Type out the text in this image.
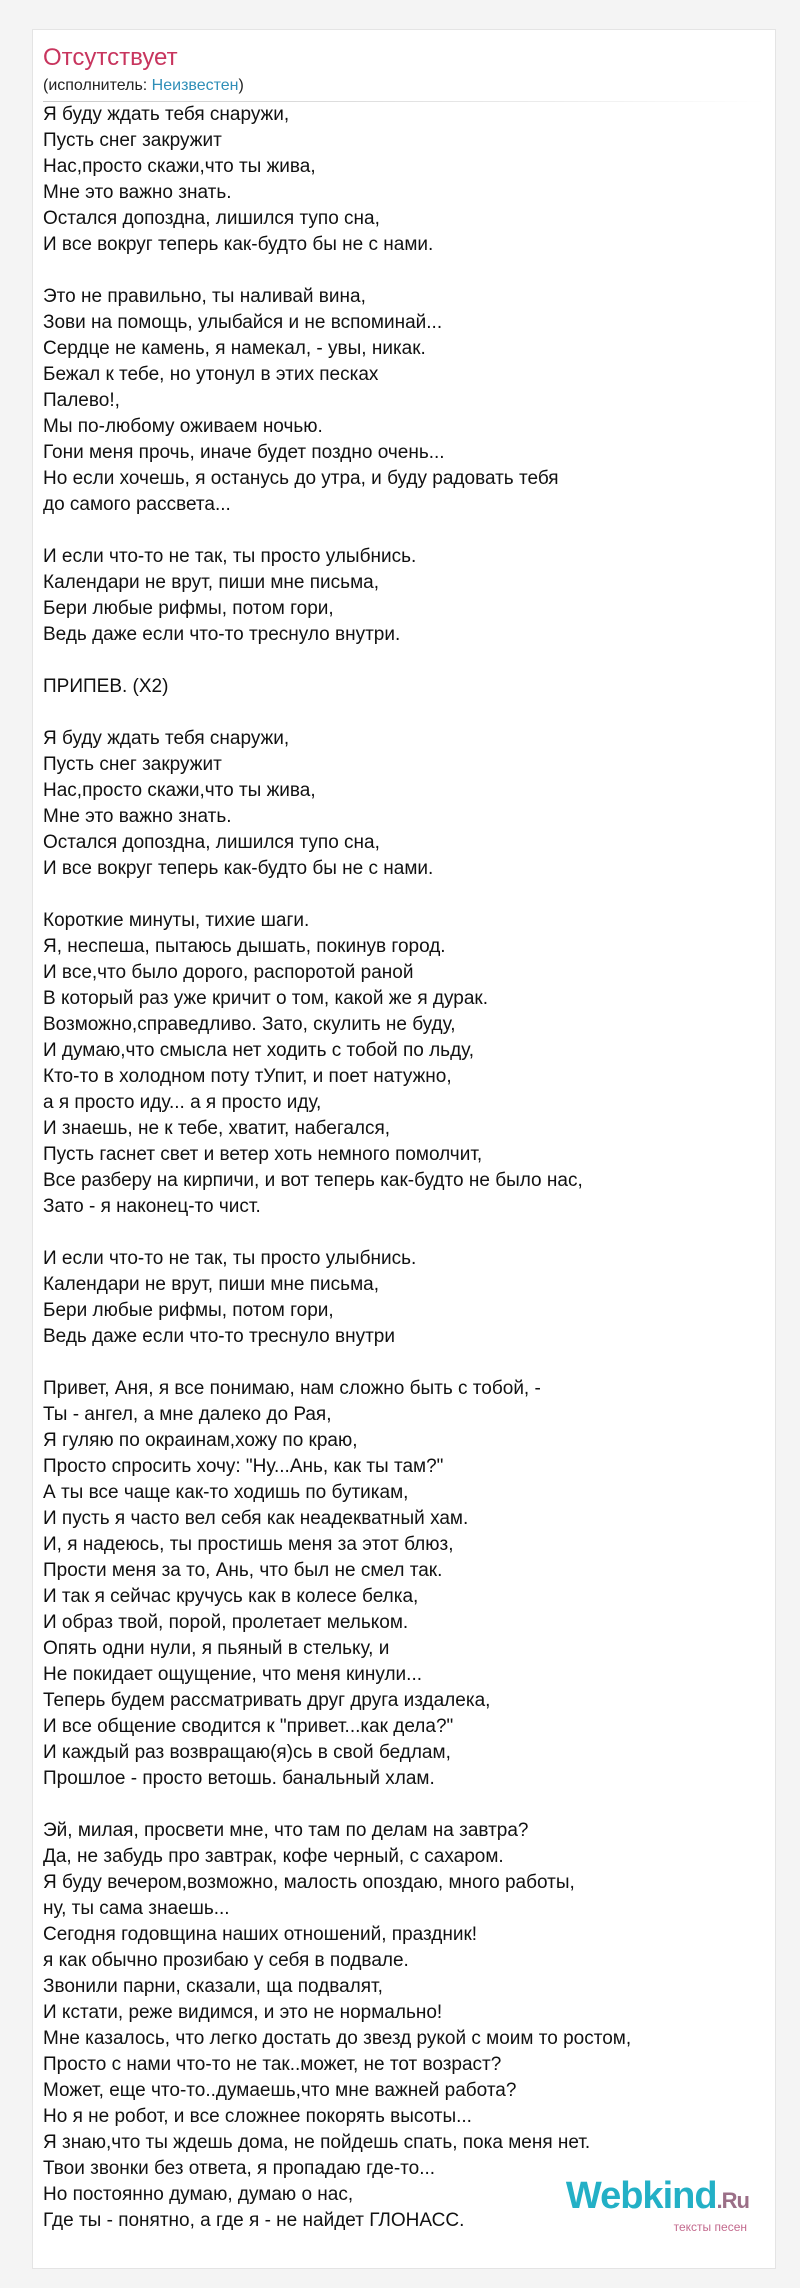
Отсутствует
(исполнитель: Неизвестен)
Я буду ждать тебя снаружи,
Пусть снег закружит
Нас,просто скажи,что ты жива,
Мне это важно знать.
Остался допоздна, лишился тупо сна,
И все вокруг теперь как-будто бы не с нами.
Это не правильно, ты наливай вина,
Зови на помощь, улыбайся и не вспоминай...
Сердце не камень, я намекал, - увы, никак.
Бежал к тебе, но утонул в этих песках
Палево!,
Мы по-любому оживаем ночью.
Гони меня прочь, иначе будет поздно очень...
Но если хочешь, я останусь до утра, и буду радовать тебя
до самого рассвета...
И если что-то не так, ты просто улыбнись.
Календари не врут, пиши мне письма,
Бери любые рифмы, потом гори,
Ведь даже если что-то треснуло внутри.
ПРИПЕВ. (Х2)
Я буду ждать тебя снаружи,
Пусть снег закружит
Нас,просто скажи,что ты жива,
Мне это важно знать.
Остался допоздна, лишился тупо сна,
И все вокруг теперь как-будто бы не с нами.
Короткие минуты, тихие шаги.
Я, неспеша, пытаюсь дышать, покинув город.
И все,что было дорого, распоротой раной
В который раз уже кричит о том, какой же я дурак.
Возможно,справедливо. Зато, скулить не буду,
И думаю,что смысла нет ходить с тобой по льду,
Кто-то в холодном поту тУпит, и поет натужно,
а я просто иду... а я просто иду,
И знаешь, не к тебе, хватит, набегался,
Пусть гаснет свет и ветер хоть немного помолчит,
Все разберу на кирпичи, и вот теперь как-будто не было нас,
Зато - я наконец-то чист.
И если что-то не так, ты просто улыбнись.
Календари не врут, пиши мне письма,
Бери любые рифмы, потом гори,
Ведь даже если что-то треснуло внутри
Привет, Аня, я все понимаю, нам сложно быть с тобой, -
Ты - ангел, а мне далеко до Рая,
Я гуляю по окраинам,хожу по краю,
Просто спросить хочу: "Ну...Ань, как ты там?"
А ты все чаще как-то ходишь по бутикам,
И пусть я часто вел себя как неадекватный хам.
И, я надеюсь, ты простишь меня за этот блюз,
Прости меня за то, Ань, что был не смел так.
И так я сейчас кручусь как в колесе белка,
И образ твой, порой, пролетает мельком.
Опять одни нули, я пьяный в стельку, и
Не покидает ощущение, что меня кинули...
Теперь будем рассматривать друг друга издалека,
И все общение сводится к "привет...как дела?"
И каждый раз возвращаю(я)сь в свой бедлам,
Прошлое - просто ветошь. банальный хлам.
Эй, милая, просвети мне, что там по делам на завтра?
Да, не забудь про завтрак, кофе черный, с сахаром.
Я буду вечером,возможно, малость опоздаю, много работы,
ну, ты сама знаешь...
Сегодня годовщина наших отношений, праздник!
я как обычно прозибаю у себя в подвале.
Звонили парни, сказали, ща подвалят,
И кстати, реже видимся, и это не нормально!
Мне казалось, что легко достать до звезд рукой с моим то ростом,
Просто с нами что-то не так..может, не тот возраст?
Может, еще что-то..думаешь,что мне важней работа?
Но я не робот, и все сложнее покорять высоты...
Я знаю,что ты ждешь дома, не пойдешь спать, пока меня нет.
Твои звонки без ответа, я пропадаю где-то...
Но постоянно думаю, думаю о нас,
Где ты - понятно, а где я - не найдет ГЛОНАСС.
Webkind.Ru
тексты песен
